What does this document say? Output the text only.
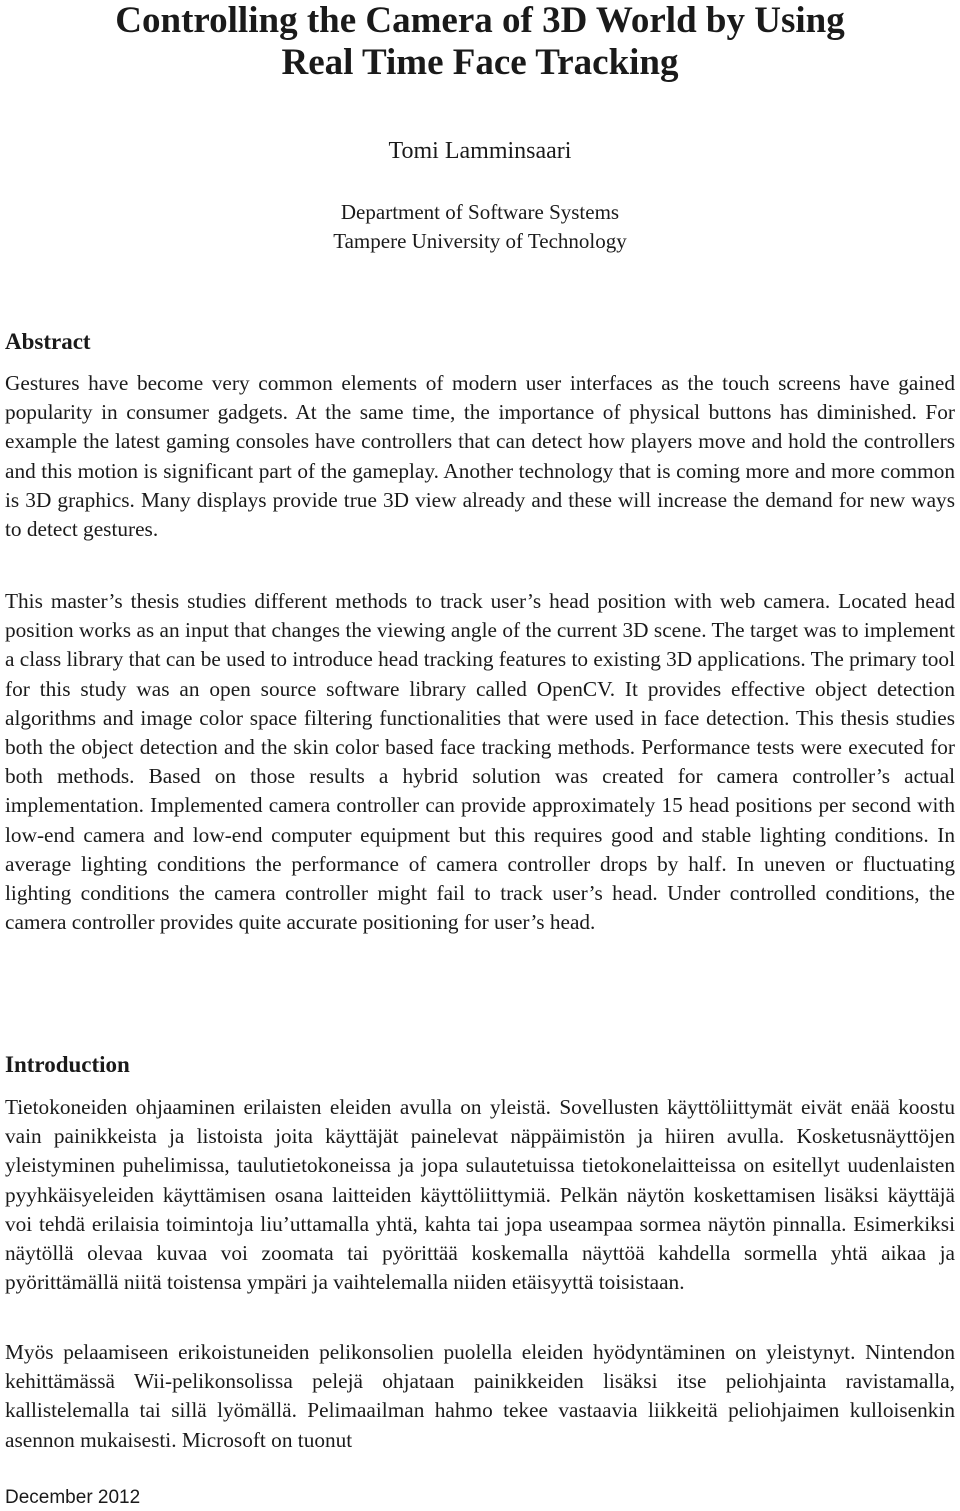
Controlling the Camera of 3D World by Using
Real Time Face Tracking
Tomi Lamminsaari
Department of Software Systems
Tampere University of Technology
Abstract

Gestures have become very common elements of modern user interfaces as the touch screens have gained popularity in consumer gadgets. At the same time, the importance of physical buttons has diminished. For example the latest gaming consoles have controllers that can detect how players move and hold the controllers and this motion is significant part of the gameplay. Another technology that is coming more and more common is 3D graphics. Many displays provide true 3D view already and these will increase the demand for new ways to detect gestures.

This master’s thesis studies different methods to track user’s head position with web camera. Located head position works as an input that changes the viewing angle of the current 3D scene. The target was to implement a class library that can be used to introduce head tracking features to existing 3D applications. The primary tool for this study was an open source software library called OpenCV. It provides effective object detection algorithms and image color space filtering functionalities that were used in face detection. This thesis studies both the object detection and the skin color based face tracking methods. Performance tests were executed for both methods. Based on those results a hybrid solution was created for camera controller’s actual implementation. Implemented camera controller can provide approximately 15 head positions per second with low-end camera and low-end computer equipment but this requires good and stable lighting conditions. In average lighting conditions the performance of camera controller drops by half. In uneven or fluctuating lighting conditions the camera controller might fail to track user’s head. Under controlled conditions, the camera controller provides quite accurate positioning for user’s head.

Introduction

Tietokoneiden ohjaaminen erilaisten eleiden avulla on yleistä. Sovellusten käyttöliittymät eivät enää koostu vain painikkeista ja listoista joita käyttäjät painelevat näppäimistön ja hiiren avulla. Kosketusnäyttöjen yleistyminen puhelimissa, taulutietokoneissa ja jopa sulautetuissa tietokonelaitteissa on esitellyt uudenlaisten pyyhkäisyeleiden käyttämisen osana laitteiden käyttöliittymiä. Pelkän näytön koskettamisen lisäksi käyttäjä voi tehdä erilaisia toimintoja liu’uttamalla yhtä, kahta tai jopa useampaa sormea näytön pinnalla. Esimerkiksi näytöllä olevaa kuvaa voi zoomata tai pyörittää koskemalla näyttöä kahdella sormella yhtä aikaa ja pyörittämällä niitä toistensa ympäri ja vaihtelemalla niiden etäisyyttä toisistaan.

Myös pelaamiseen erikoistuneiden pelikonsolien puolella eleiden hyödyntäminen on yleistynyt. Nintendon kehittämässä Wii-pelikonsolissa pelejä ohjataan painikkeiden lisäksi itse peliohjainta ravistamalla, kallistelemalla tai sillä lyömällä. Pelimaailman hahmo tekee vastaavia liikkeitä peliohjaimen kulloisenkin asennon mukaisesti. Microsoft on tuonut

December 2012
